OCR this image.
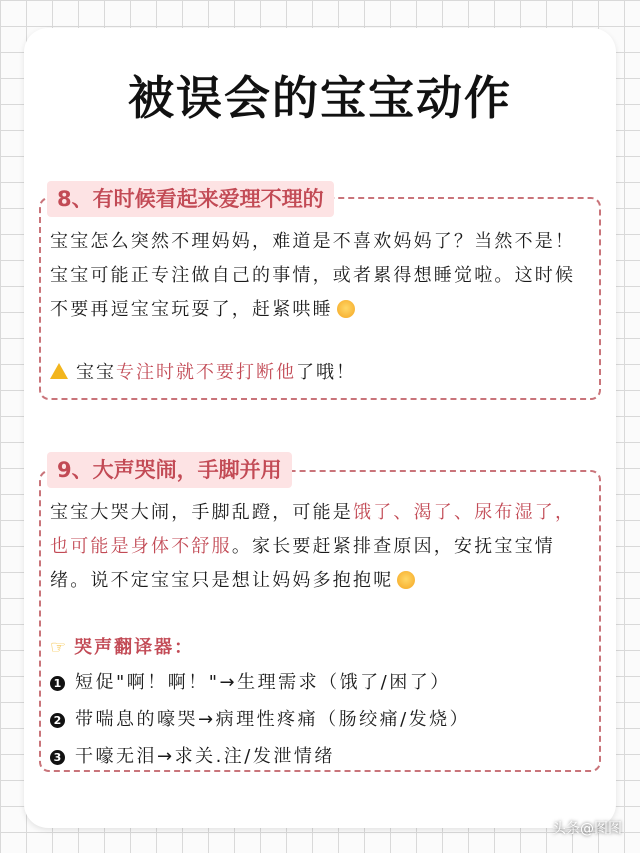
被误会的宝宝动作
8、有时候看起来爱理不理的
宝宝怎么突然不理妈妈，难道是不喜欢妈妈了？当然不是！宝宝可能正专注做自己的事情，或者累得想睡觉啦。这时候不要再逗宝宝玩耍了，赶紧哄睡
宝宝专注时就不要打断他了哦！
9、大声哭闹，手脚并用
宝宝大哭大闹，手脚乱蹬，可能是饿了、渴了、尿布湿了，也可能是身体不舒服。家长要赶紧排查原因，安抚宝宝情绪。说不定宝宝只是想让妈妈多抱抱呢
☞ 哭声翻译器：
1 短促"啊！啊！"→生理需求（饿了/困了）
2 带喘息的嚎哭→病理性疼痛（肠绞痛/发烧）
3 干嚎无泪→求关.注/发泄情绪
头条@图图
